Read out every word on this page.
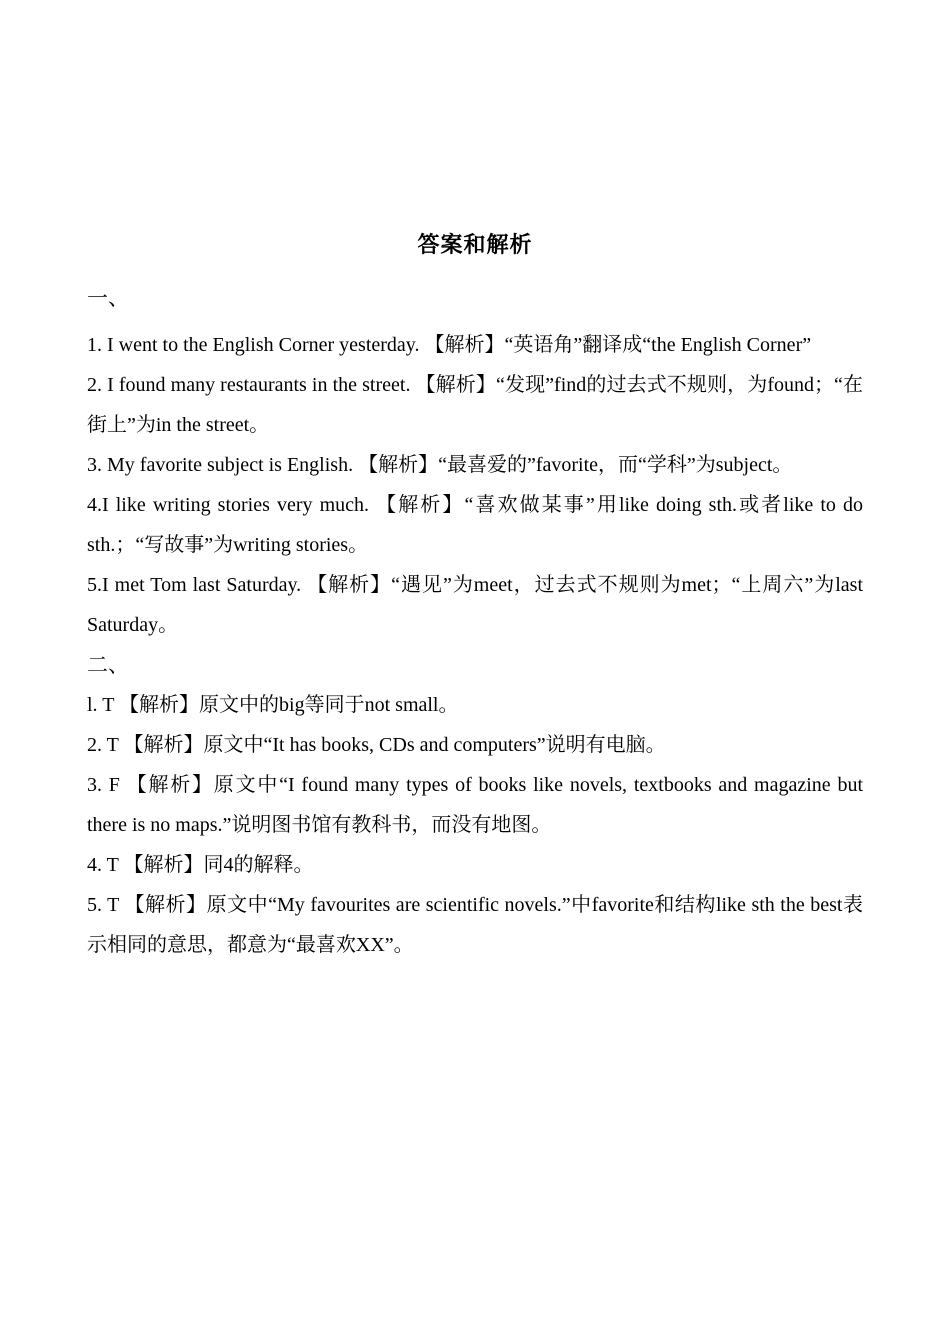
答案和解析

一、

1. I went to the English Corner yesterday. 【解析】“英语角”翻译成“the English Corner”

2. I found many restaurants in the street. 【解析】“发现”find的过去式不规则，为found；“在街上”为in the street。

3. My favorite subject is English. 【解析】“最喜爱的”favorite，而“学科”为subject。

4.I like writing stories very much. 【解析】“喜欢做某事”用like doing sth.或者like to do sth.；“写故事”为writing stories。

5.I met Tom last Saturday. 【解析】“遇见”为meet，过去式不规则为met；“上周六”为last Saturday。

二、

l. T 【解析】原文中的big等同于not small。

2. T 【解析】原文中“It has books, CDs and computers”说明有电脑。

3. F 【解析】原文中“I found many types of books like novels, textbooks and magazine but there is no maps.”说明图书馆有教科书，而没有地图。

4. T 【解析】同4的解释。

5. T 【解析】原文中“My favourites are scientific novels.”中favorite和结构like sth the best表示相同的意思，都意为“最喜欢XX”。
